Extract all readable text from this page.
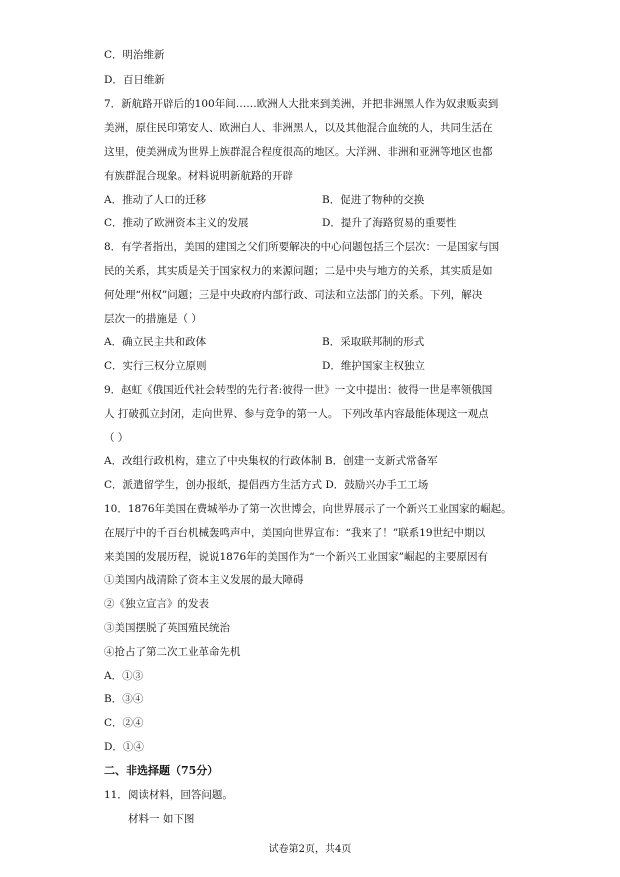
C．明治维新
D．百日维新
7．新航路开辟后的100年间……欧洲人大批来到美洲，并把非洲黑人作为奴隶贩卖到
美洲，原住民印第安人、欧洲白人、非洲黑人，以及其他混合血统的人，共同生活在
这里，使美洲成为世界上族群混合程度很高的地区。大洋洲、非洲和亚洲等地区也都
有族群混合现象。材料说明新航路的开辟
A．推动了人口的迁移	B．促进了物种的交换
C．推动了欧洲资本主义的发展	D．提升了海路贸易的重要性
8．有学者指出，美国的建国之父们所要解决的中心问题包括三个层次：一是国家与国
民的关系，其实质是关于国家权力的来源问题；二是中央与地方的关系，其实质是如
何处理“州权”问题；三是中央政府内部行政、司法和立法部门的关系。下列，解决
层次一的措施是（ ）
A．确立民主共和政体	B．采取联邦制的形式
C．实行三权分立原则	D．维护国家主权独立
9．赵虹《俄国近代社会转型的先行者:彼得一世》一文中提出：彼得一世是率领俄国
人 打破孤立封闭，走向世界、参与竞争的第一人。 下列改革内容最能体现这一观点
（ ）
A．改组行政机构，建立了中央集权的行政体制 B．创建一支新式常备军
C．派遣留学生，创办报纸，提倡西方生活方式 D．鼓励兴办手工工场
10．1876年美国在费城举办了第一次世博会，向世界展示了一个新兴工业国家的崛起。
在展厅中的千百台机械轰鸣声中，美国向世界宣布：“我来了！”联系19世纪中期以
来美国的发展历程，说说1876年的美国作为“一个新兴工业国家”崛起的主要原因有
①美国内战清除了资本主义发展的最大障碍
②《独立宣言》的发表
③美国摆脱了英国殖民统治
④抢占了第二次工业革命先机
A．①③
B．③④
C．②④
D．①④
二、非选择题（75分）
11．阅读材料，回答问题。
材料一 如下图
试卷第2页，共4页
